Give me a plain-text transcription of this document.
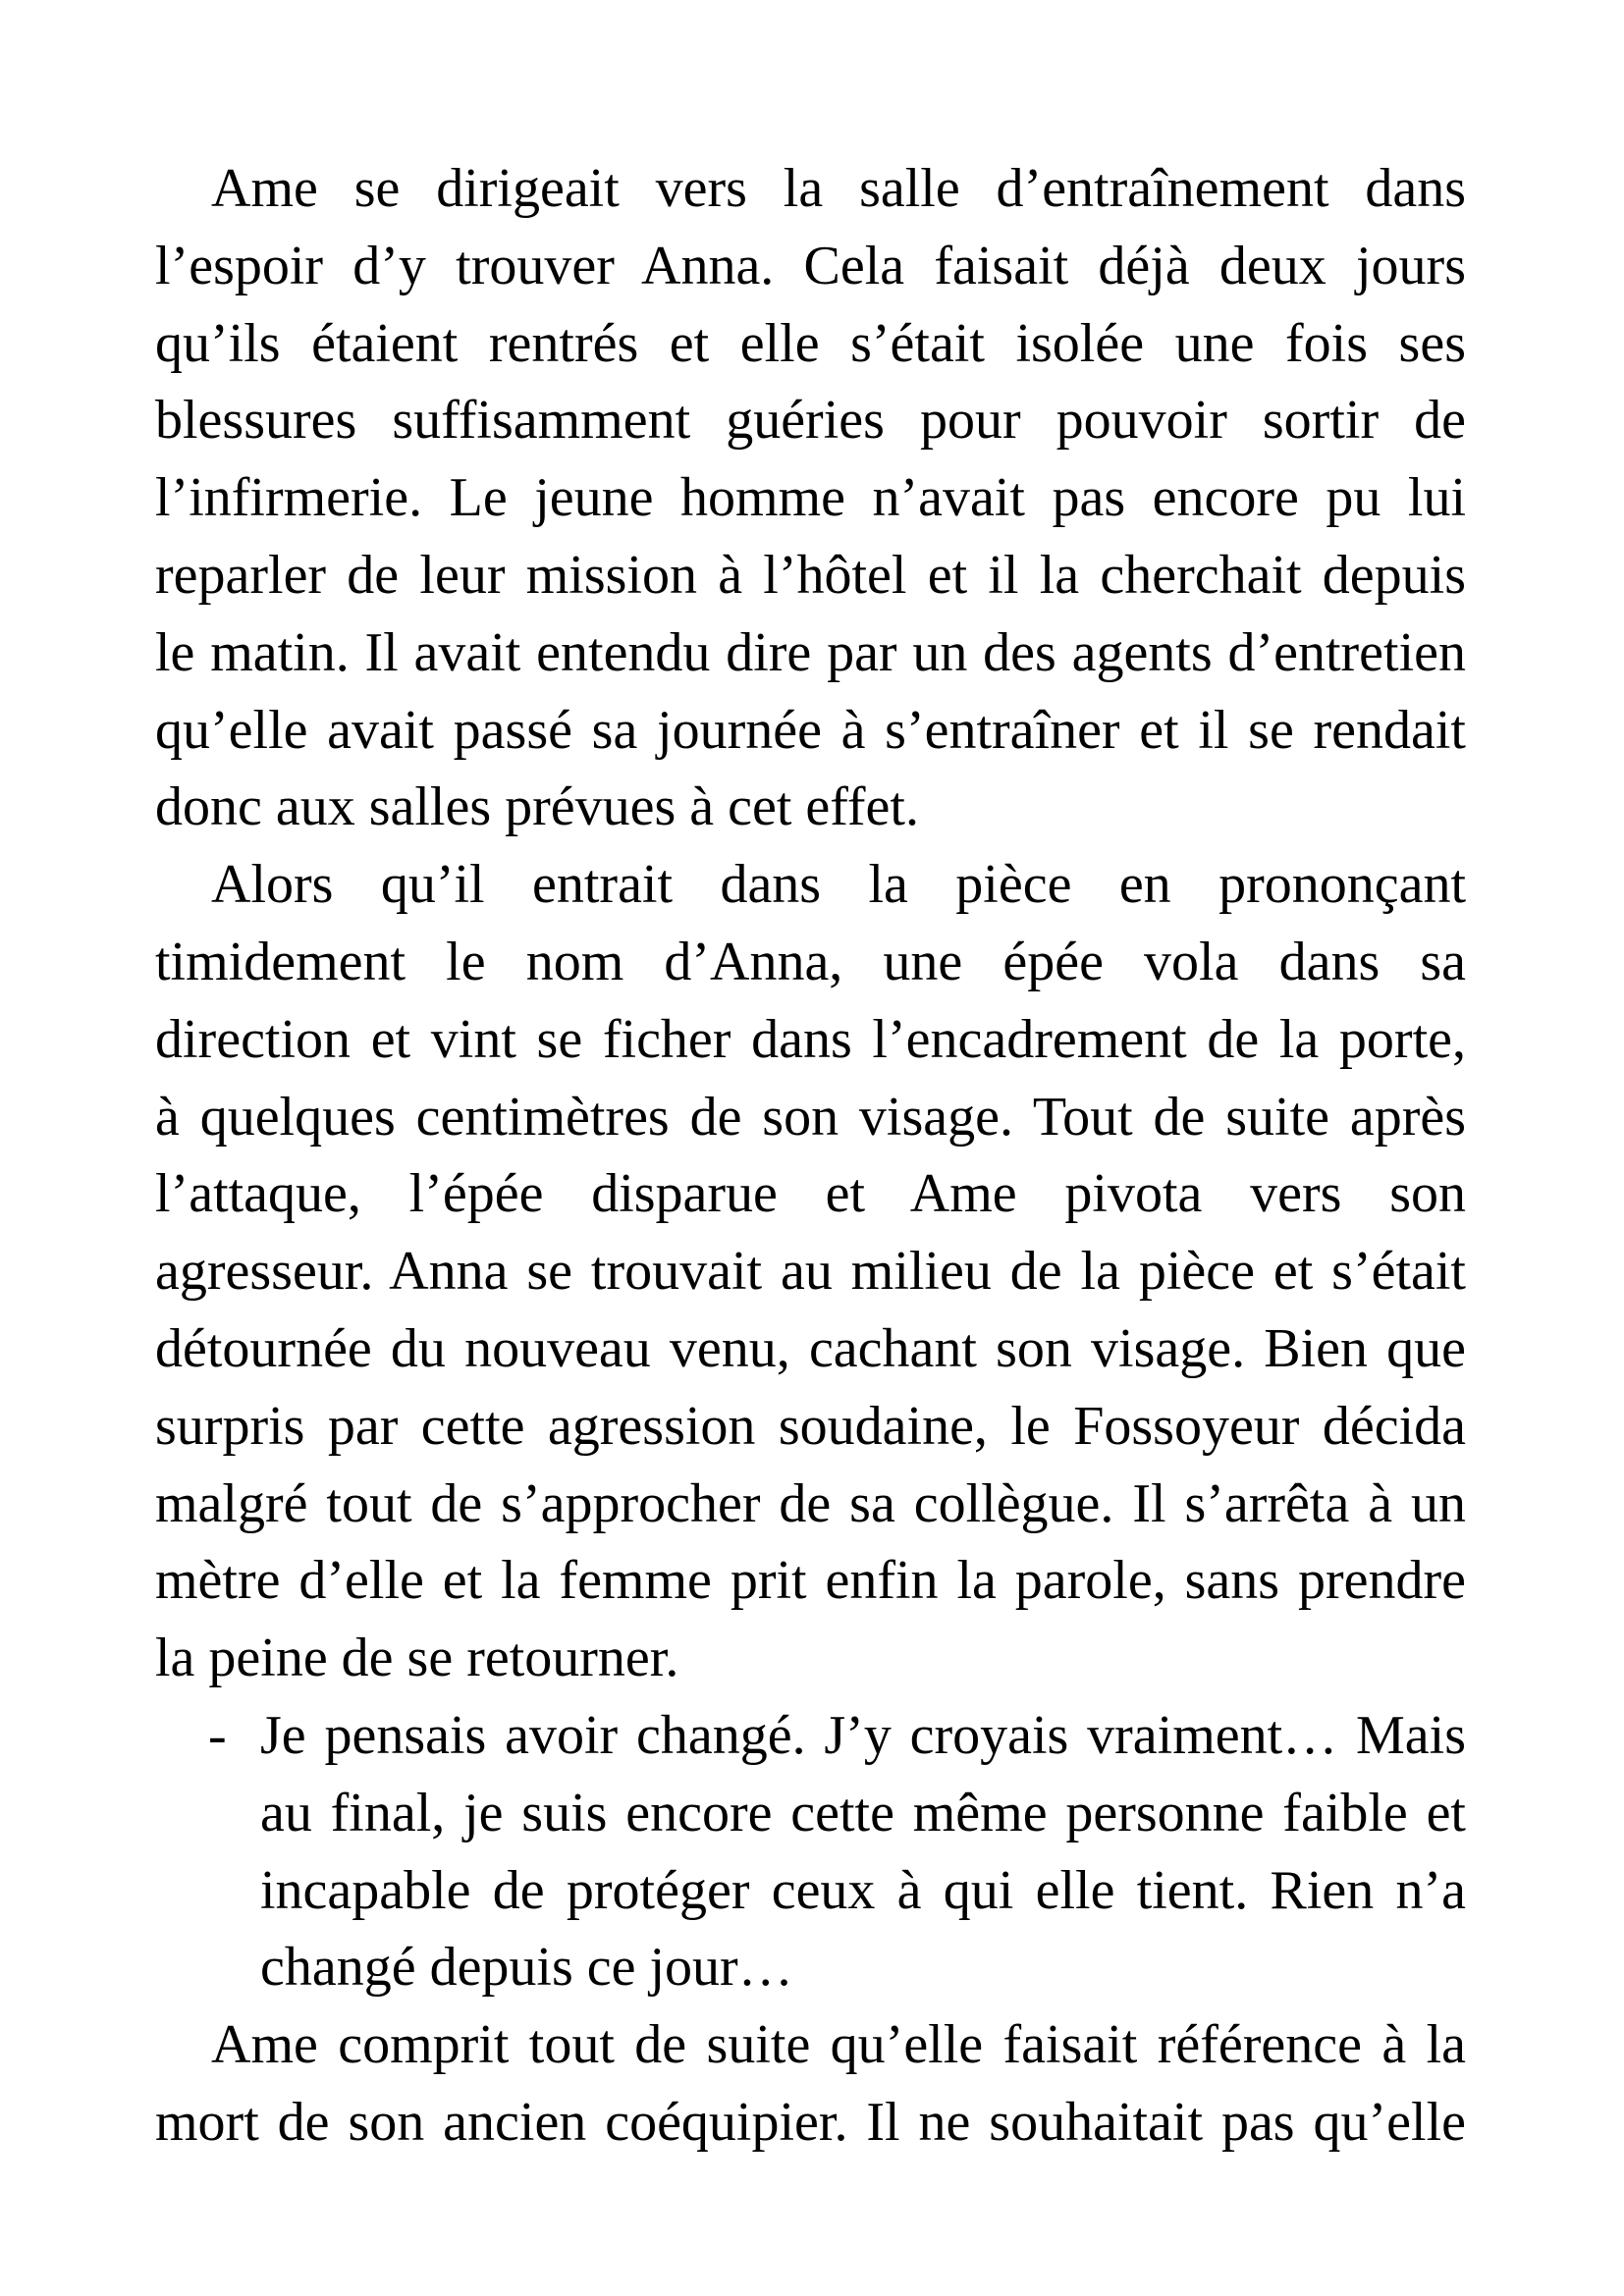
Ame se dirigeait vers la salle d’entraînement dans
l’espoir d’y trouver Anna. Cela faisait déjà deux jours
qu’ils étaient rentrés et elle s’était isolée une fois ses
blessures suffisamment guéries pour pouvoir sortir de
l’infirmerie. Le jeune homme n’avait pas encore pu lui
reparler de leur mission à l’hôtel et il la cherchait depuis
le matin. Il avait entendu dire par un des agents d’entretien
qu’elle avait passé sa journée à s’entraîner et il se rendait
donc aux salles prévues à cet effet.

Alors qu’il entrait dans la pièce en prononçant
timidement le nom d’Anna, une épée vola dans sa
direction et vint se ficher dans l’encadrement de la porte,
à quelques centimètres de son visage. Tout de suite après
l’attaque, l’épée disparue et Ame pivota vers son
agresseur. Anna se trouvait au milieu de la pièce et s’était
détournée du nouveau venu, cachant son visage. Bien que
surpris par cette agression soudaine, le Fossoyeur décida
malgré tout de s’approcher de sa collègue. Il s’arrêta à un
mètre d’elle et la femme prit enfin la parole, sans prendre
la peine de se retourner.

- Je pensais avoir changé. J’y croyais vraiment… Mais
au final, je suis encore cette même personne faible et
incapable de protéger ceux à qui elle tient. Rien n’a
changé depuis ce jour…

Ame comprit tout de suite qu’elle faisait référence à la
mort de son ancien coéquipier. Il ne souhaitait pas qu’elle
